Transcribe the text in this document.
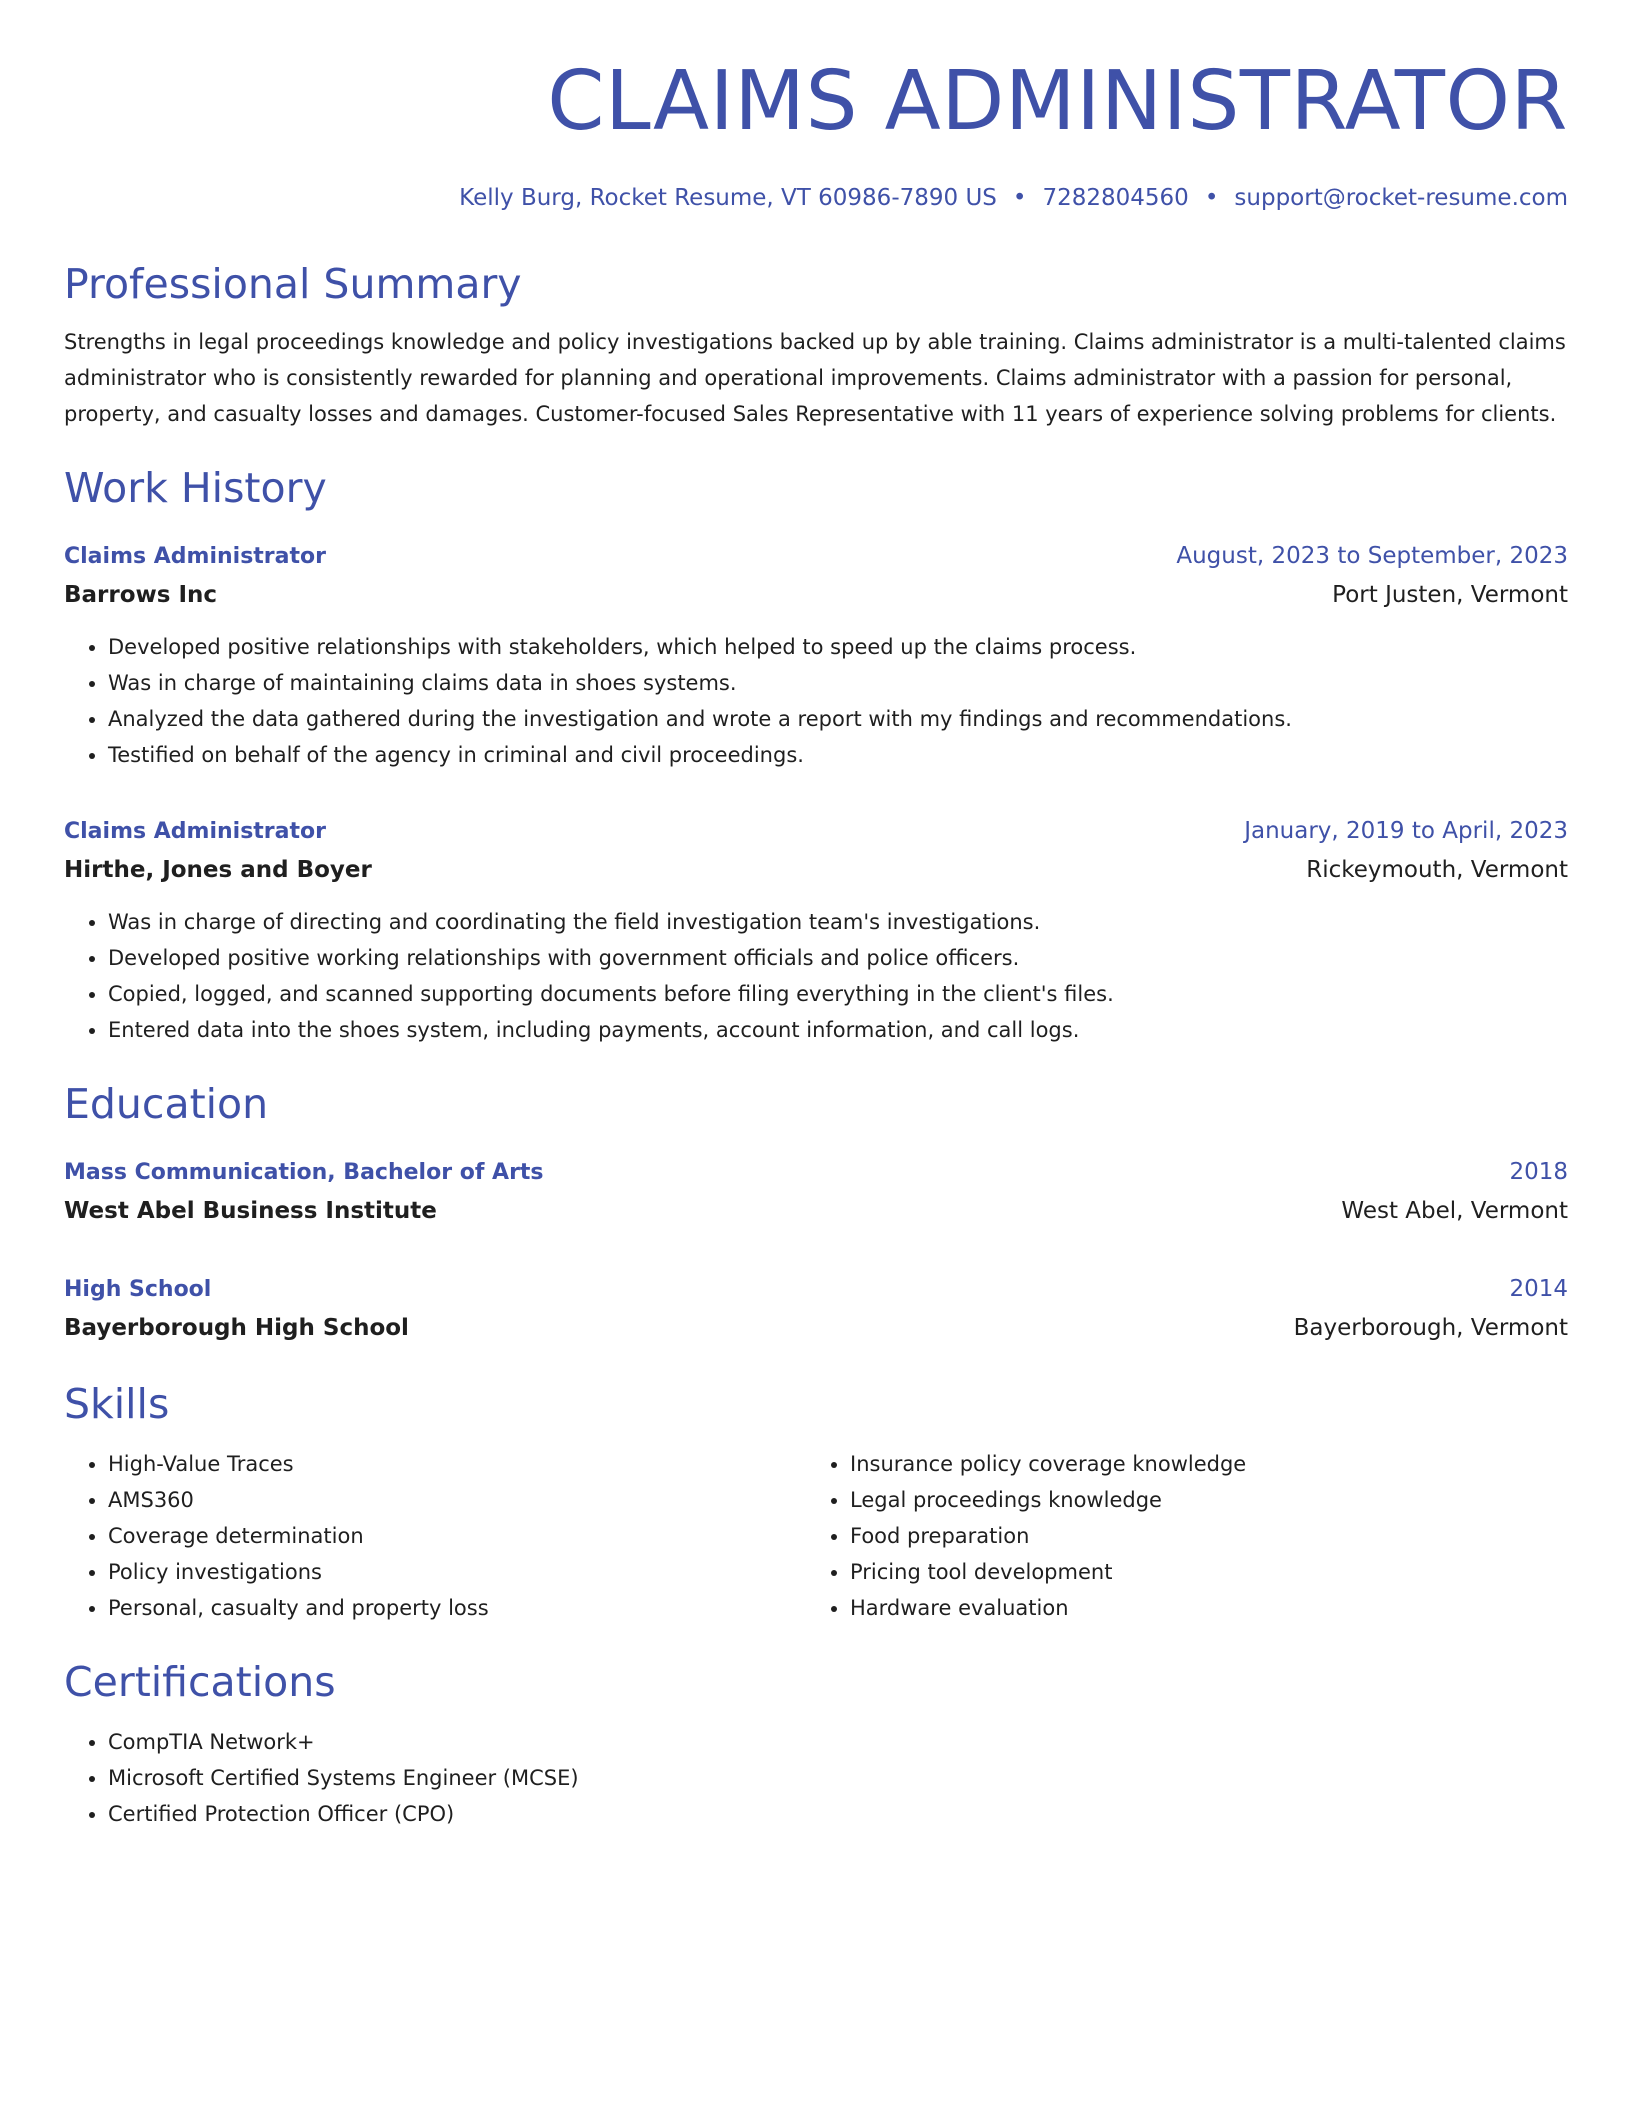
CLAIMS ADMINISTRATOR
Kelly Burg, Rocket Resume, VT 60986-7890 US • 7282804560 • support@rocket-resume.com
Professional Summary

Strengths in legal proceedings knowledge and policy investigations backed up by able training. Claims administrator is a multi-talented claims administrator who is consistently rewarded for planning and operational improvements. Claims administrator with a passion for personal, property, and casualty losses and damages. Customer-focused Sales Representative with 11 years of experience solving problems for clients.

Work History
Claims Administrator	August, 2023 to September, 2023
Barrows Inc	Port Justen, Vermont
• Developed positive relationships with stakeholders, which helped to speed up the claims process.
• Was in charge of maintaining claims data in shoes systems.
• Analyzed the data gathered during the investigation and wrote a report with my findings and recommendations.
• Testified on behalf of the agency in criminal and civil proceedings.
Claims Administrator	January, 2019 to April, 2023
Hirthe, Jones and Boyer	Rickeymouth, Vermont
• Was in charge of directing and coordinating the field investigation team's investigations.
• Developed positive working relationships with government officials and police officers.
• Copied, logged, and scanned supporting documents before filing everything in the client's files.
• Entered data into the shoes system, including payments, account information, and call logs.
Education
Mass Communication, Bachelor of Arts	2018
West Abel Business Institute	West Abel, Vermont
High School	2014
Bayerborough High School	Bayerborough, Vermont
Skills
• High-Value Traces
• AMS360
• Coverage determination
• Policy investigations
• Personal, casualty and property loss
• Insurance policy coverage knowledge
• Legal proceedings knowledge
• Food preparation
• Pricing tool development
• Hardware evaluation
Certifications
• CompTIA Network+
• Microsoft Certified Systems Engineer (MCSE)
• Certified Protection Officer (CPO)
